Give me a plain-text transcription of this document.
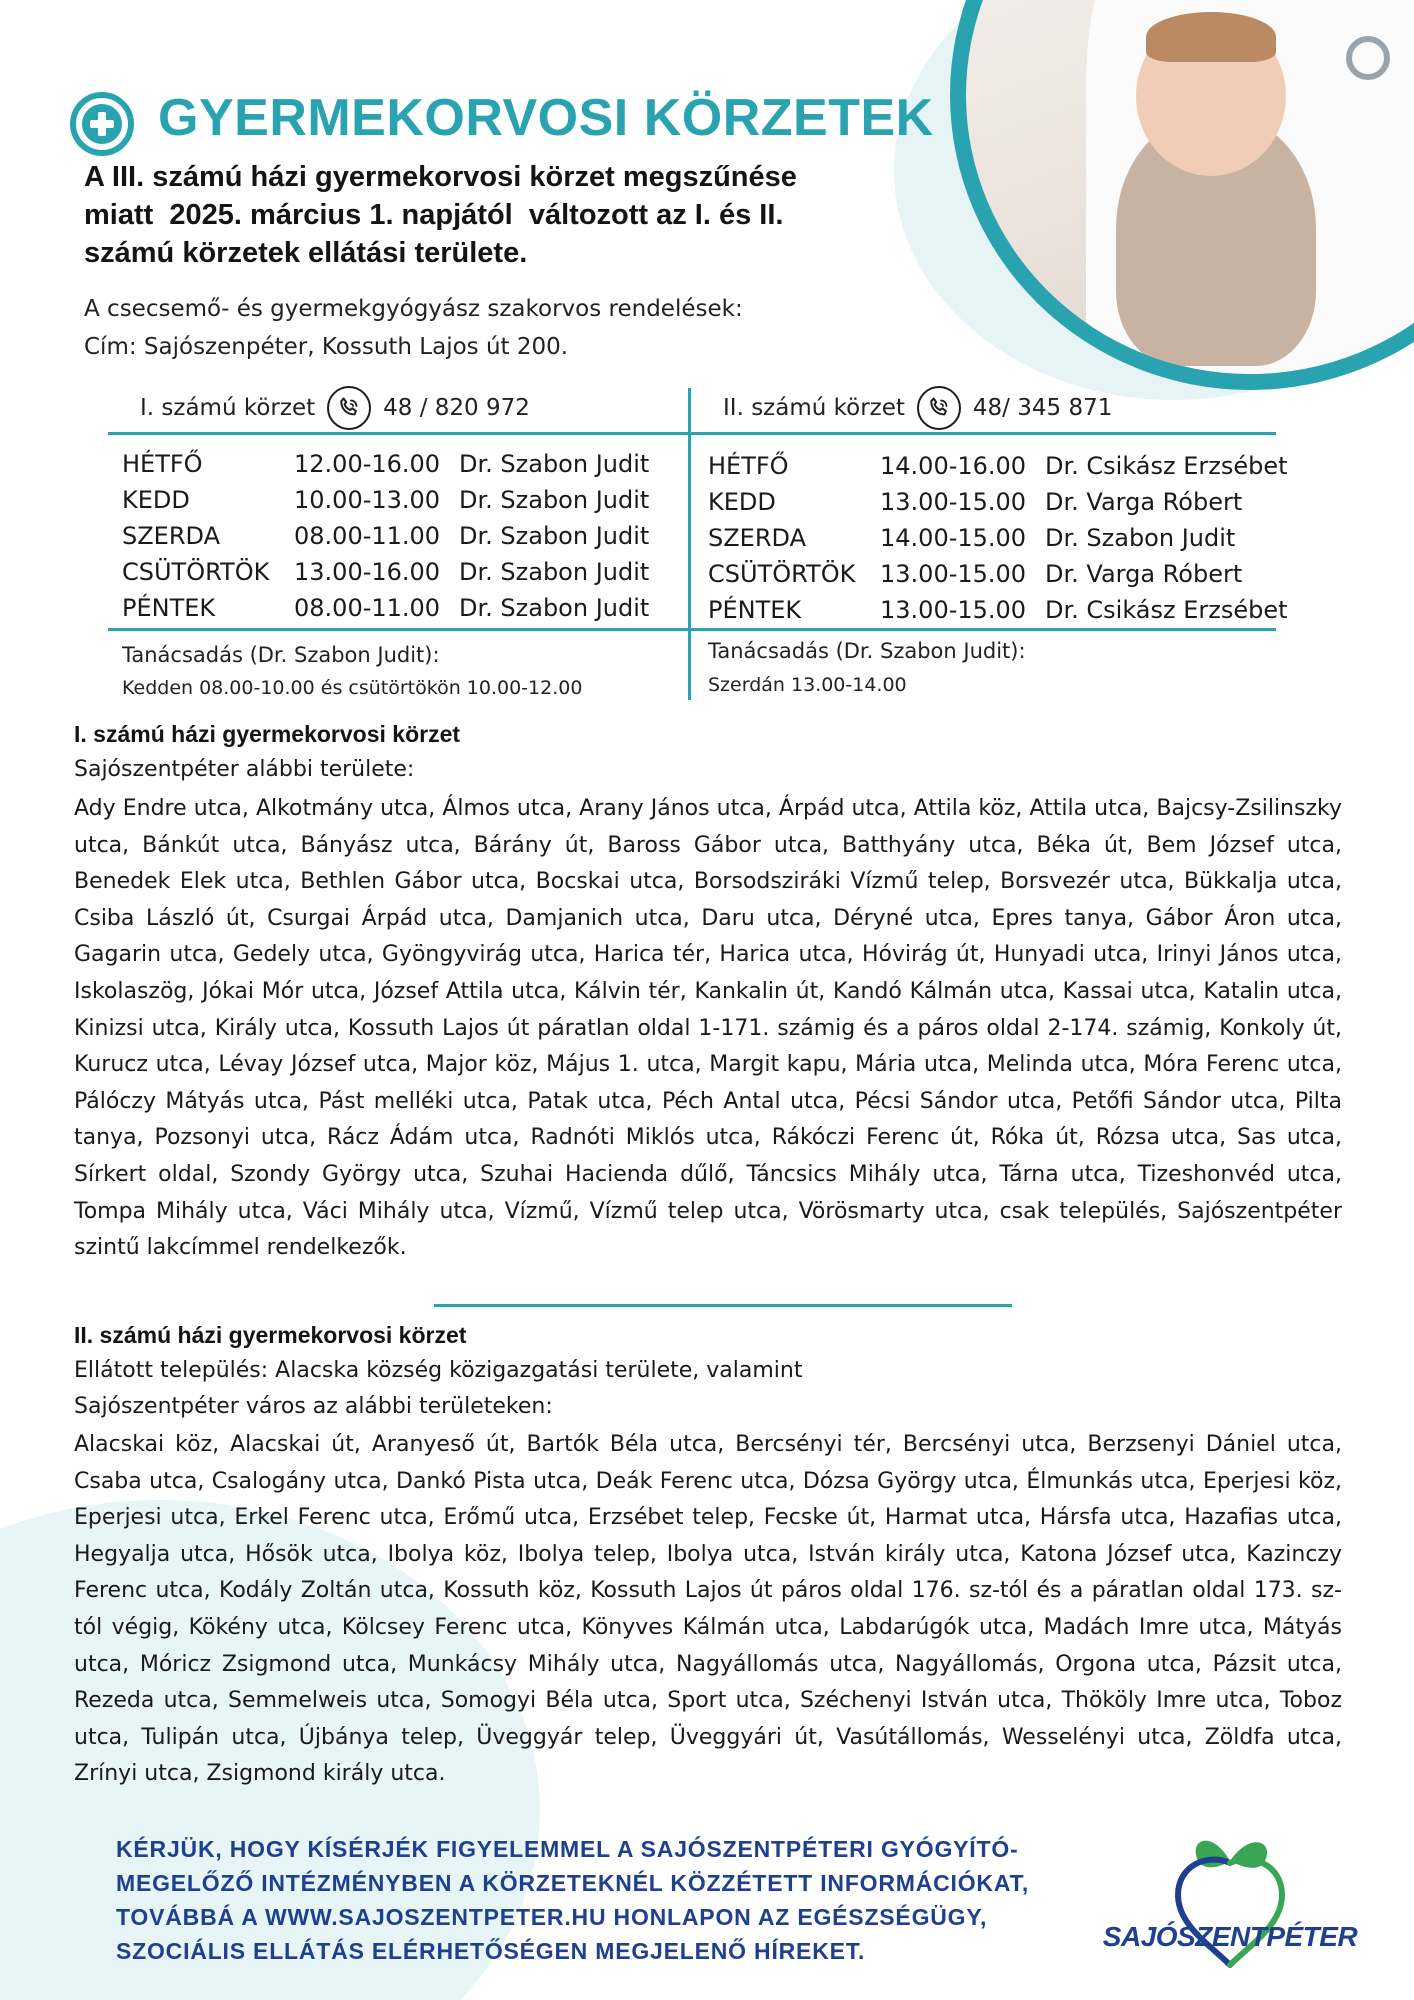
GYERMEKORVOSI KÖRZETEK
A III. számú házi gyermekorvosi körzet megszűnése
miatt  2025. március 1. napjától  változott az I. és II.
számú körzetek ellátási területe.
A csecsemő- és gyermekgyógyász szakorvos rendelések:
Cím: Sajószenpéter, Kossuth Lajos út 200.
I. számú körzet	48 / 820 972	II. számú körzet	48/ 345 871
HÉTFŐ	12.00-16.00 Dr. Szabon Judit
KEDD	10.00-13.00 Dr. Szabon Judit
SZERDA	08.00-11.00 Dr. Szabon Judit
CSÜTÖRTÖK	13.00-16.00 Dr. Szabon Judit
PÉNTEK	08.00-11.00 Dr. Szabon Judit
HÉTFŐ	14.00-16.00 Dr. Csikász Erzsébet
KEDD	13.00-15.00 Dr. Varga Róbert
SZERDA	14.00-15.00 Dr. Szabon Judit
CSÜTÖRTÖK	13.00-15.00 Dr. Varga Róbert
PÉNTEK	13.00-15.00 Dr. Csikász Erzsébet
Tanácsadás (Dr. Szabon Judit):
Kedden 08.00-10.00 és csütörtökön 10.00-12.00
Tanácsadás (Dr. Szabon Judit):
Szerdán 13.00-14.00
I. számú házi gyermekorvosi körzet
Sajószentpéter alábbi területe:

Ady Endre utca, Alkotmány utca, Álmos utca, Arany János utca, Árpád utca, Attila köz, Attila utca, Bajcsy-Zsilinszky utca, Bánkút utca, Bányász utca, Bárány út, Baross Gábor utca, Batthyány utca, Béka út, Bem József utca, Benedek Elek utca, Bethlen Gábor utca, Bocskai utca, Borsodsziráki Vízmű telep, Borsvezér utca, Bükkalja utca, Csiba László út, Csurgai Árpád utca, Damjanich utca, Daru utca, Déryné utca, Epres tanya, Gábor Áron utca, Gagarin utca, Gedely utca, Gyöngyvirág utca, Harica tér, Harica utca, Hóvirág út, Hunyadi utca, Irinyi János utca, Iskolaszög, Jókai Mór utca, József Attila utca, Kálvin tér, Kankalin út, Kandó Kálmán utca, Kassai utca, Katalin utca, Kinizsi utca, Király utca, Kossuth Lajos út páratlan oldal 1-171. számig és a páros oldal 2-174. számig, Konkoly út, Kurucz utca, Lévay József utca, Major köz, Május 1. utca, Margit kapu, Mária utca, Melinda utca, Móra Ferenc utca, Pálóczy Mátyás utca, Pást melléki utca, Patak utca, Péch Antal utca, Pécsi Sándor utca, Petőfi Sándor utca, Pilta tanya, Pozsonyi utca, Rácz Ádám utca, Radnóti Miklós utca, Rákóczi Ferenc út, Róka út, Rózsa utca, Sas utca, Sírkert oldal, Szondy György utca, Szuhai Hacienda dűlő, Táncsics Mihály utca, Tárna utca, Tizeshonvéd utca, Tompa Mihály utca, Váci Mihály utca, Vízmű, Vízmű telep utca, Vörösmarty utca, csak település, Sajószentpéter szintű lakcímmel rendelkezők.

II. számú házi gyermekorvosi körzet
Ellátott település: Alacska község közigazgatási területe, valamint
Sajószentpéter város az alábbi területeken:

Alacskai köz, Alacskai út, Aranyeső út, Bartók Béla utca, Bercsényi tér, Bercsényi utca, Berzsenyi Dániel utca, Csaba utca, Csalogány utca, Dankó Pista utca, Deák Ferenc utca, Dózsa György utca, Élmunkás utca, Eperjesi köz, Eperjesi utca, Erkel Ferenc utca, Erőmű utca, Erzsébet telep, Fecske út, Harmat utca, Hársfa utca, Hazafias utca, Hegyalja utca, Hősök utca, Ibolya köz, Ibolya telep, Ibolya utca, István király utca, Katona József utca, Kazinczy Ferenc utca, Kodály Zoltán utca, Kossuth köz, Kossuth Lajos út páros oldal 176. sz-tól és a páratlan oldal 173. sz-tól végig, Kökény utca, Kölcsey Ferenc utca, Könyves Kálmán utca, Labdarúgók utca, Madách Imre utca, Mátyás utca, Móricz Zsigmond utca, Munkácsy Mihály utca, Nagyállomás utca, Nagyállomás, Orgona utca, Pázsit utca, Rezeda utca, Semmelweis utca, Somogyi Béla utca, Sport utca, Széchenyi István utca, Thököly Imre utca, Toboz utca, Tulipán utca, Újbánya telep, Üveggyár telep, Üveggyári út, Vasútállomás, Wesselényi utca, Zöldfa utca, Zrínyi utca, Zsigmond király utca.

KÉRJÜK, HOGY KÍSÉRJÉK FIGYELEMMEL A SAJÓSZENTPÉTERI GYÓGYÍTÓ-MEGELŐZŐ INTÉZMÉNYBEN A KÖRZETEKNÉL KÖZZÉTETT INFORMÁCIÓKAT, TOVÁBBÁ A WWW.SAJOSZENTPETER.HU HONLAPON AZ EGÉSZSÉGÜGY, SZOCIÁLIS ELLÁTÁS ELÉRHETŐSÉGEN MEGJELENŐ HÍREKET.	SAJÓSZENTPÉTER
